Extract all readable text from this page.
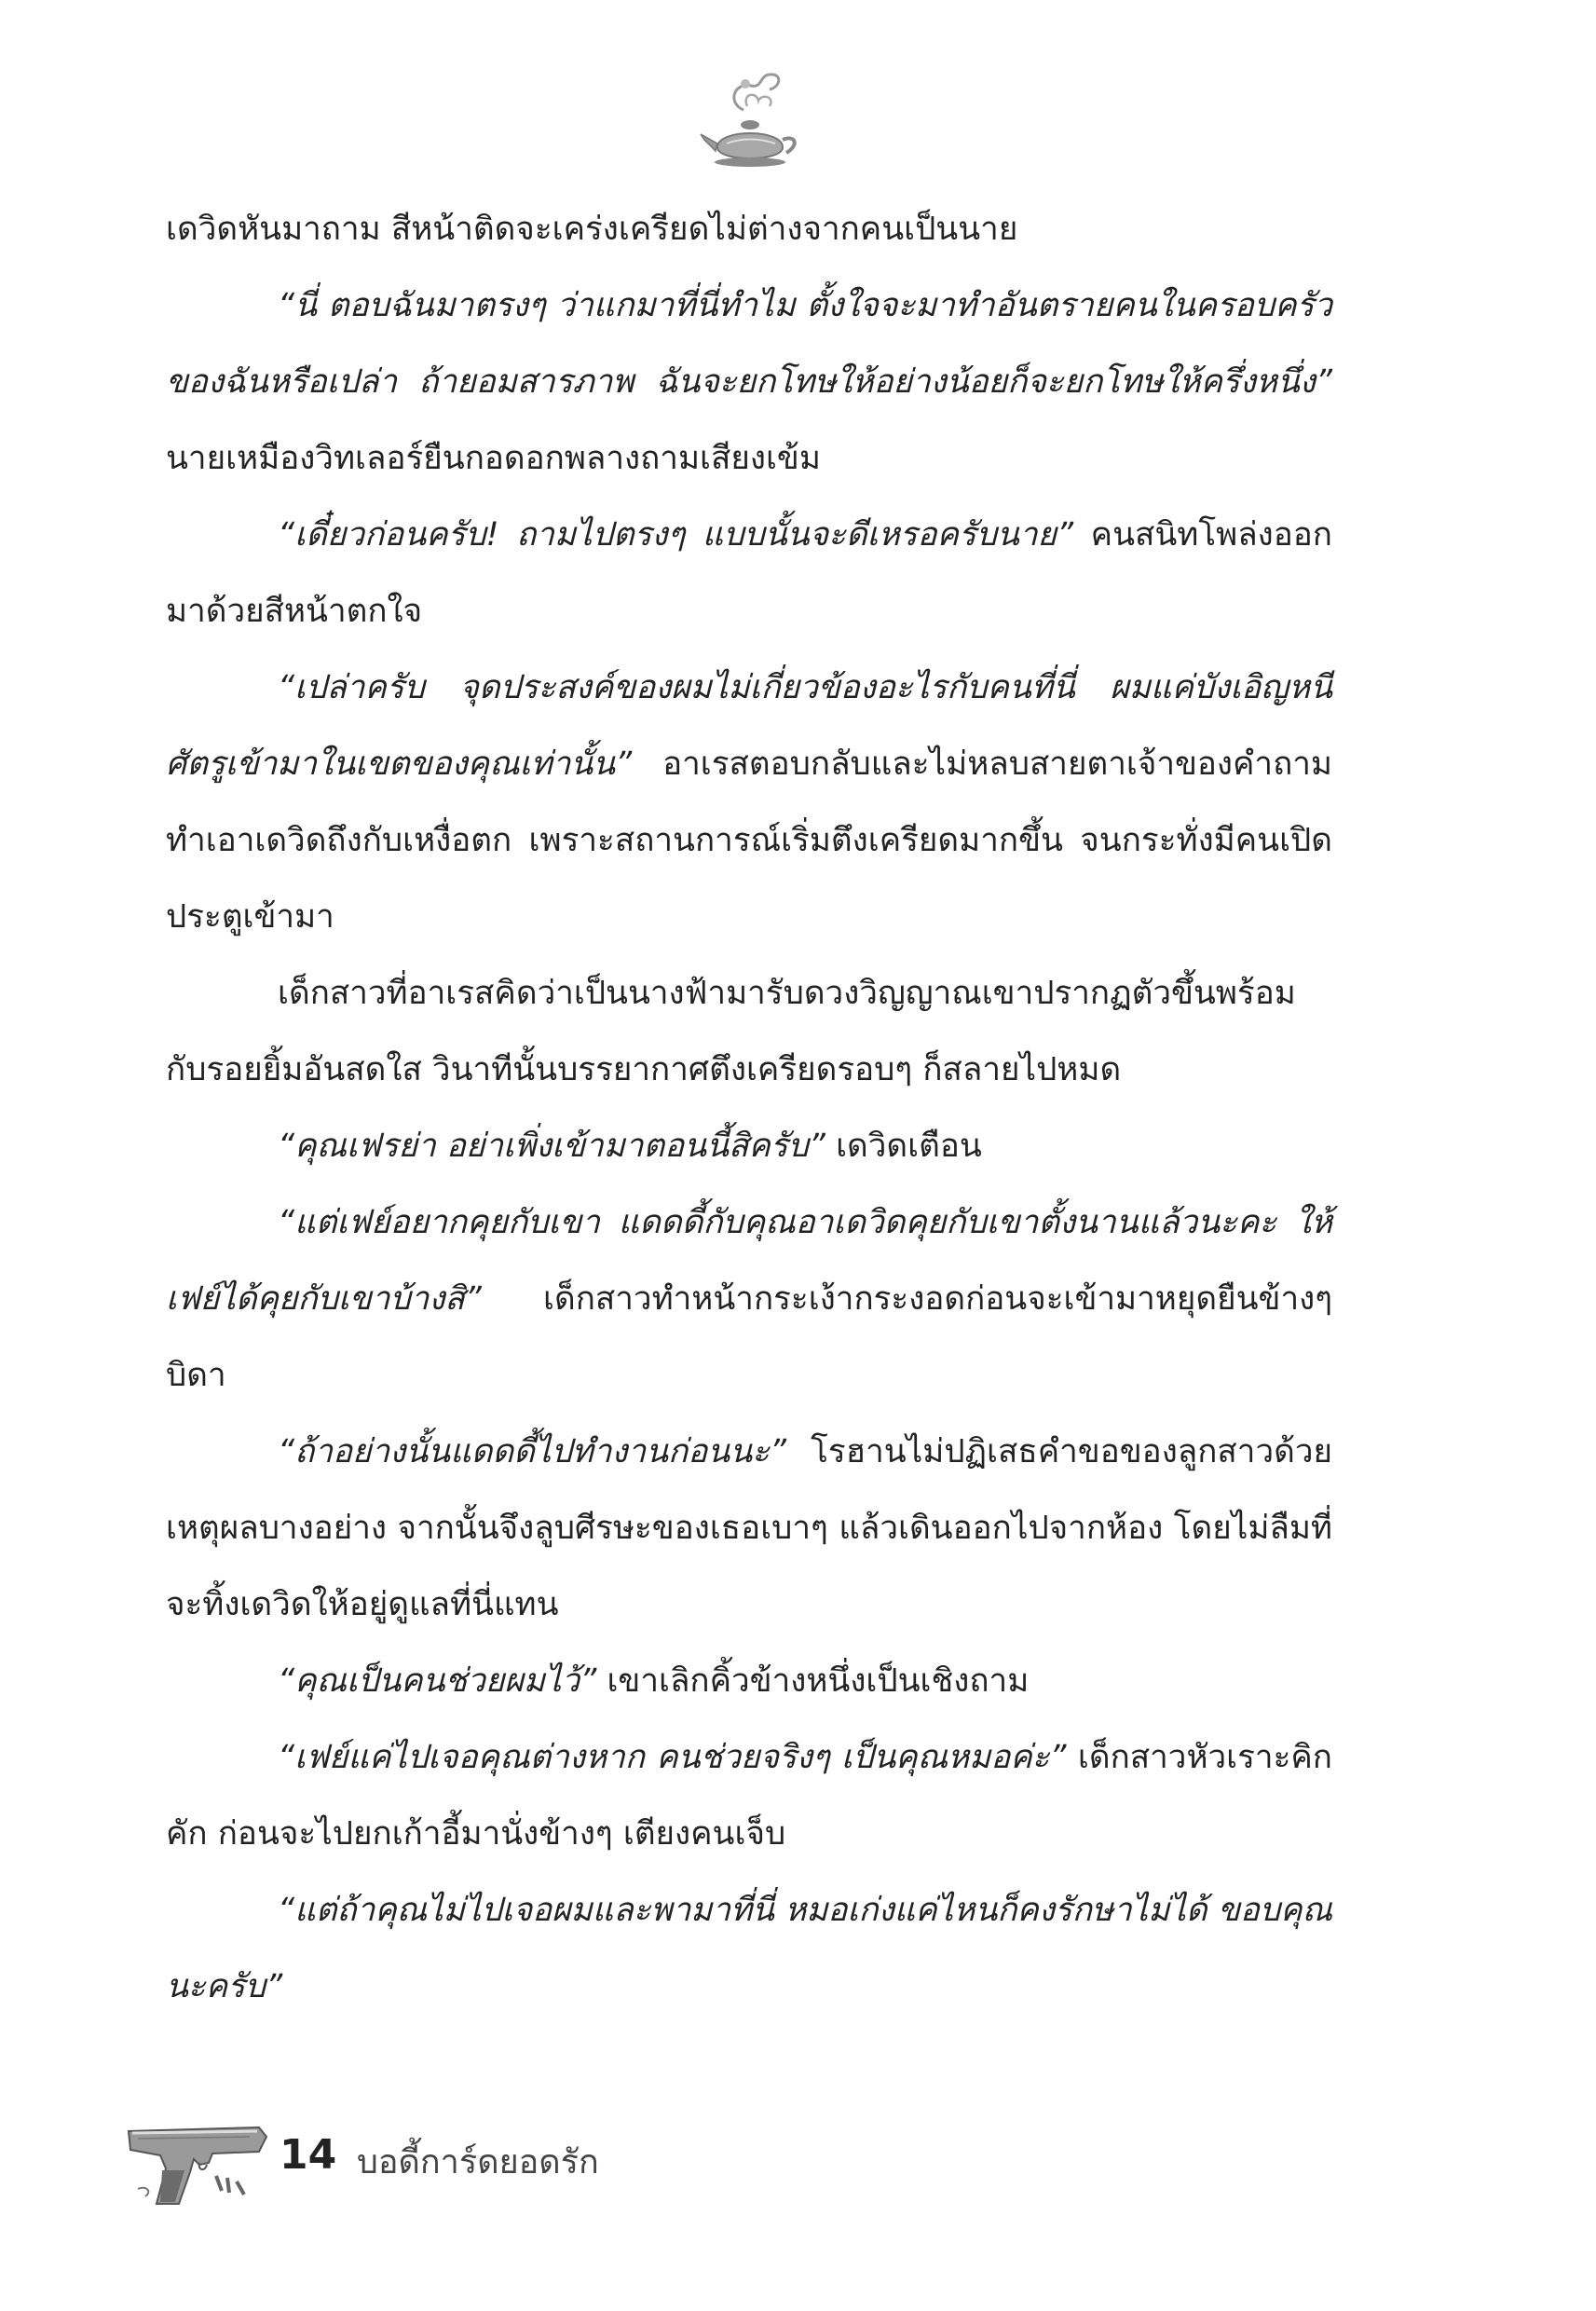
เดวิดหันมาถาม สีหน้าติดจะเคร่งเครียดไม่ต่างจากคนเป็นนาย

“นี่ ตอบฉันมาตรงๆ ว่าแกมาที่นี่ทำไม ตั้งใจจะมาทำอันตรายคนในครอบครัวของฉันหรือเปล่า ถ้ายอมสารภาพ ฉันจะยกโทษให้อย่างน้อยก็จะยกโทษให้ครึ่งหนึ่ง” นายเหมืองวิทเลอร์ยืนกอดอกพลางถามเสียงเข้ม

“เดี๋ยวก่อนครับ! ถามไปตรงๆ แบบนั้นจะดีเหรอครับนาย” คนสนิทโพล่งออกมาด้วยสีหน้าตกใจ

“เปล่าครับ จุดประสงค์ของผมไม่เกี่ยวข้องอะไรกับคนที่นี่ ผมแค่บังเอิญหนีศัตรูเข้ามาในเขตของคุณเท่านั้น” อาเรสตอบกลับและไม่หลบสายตาเจ้าของคำถาม ทำเอาเดวิดถึงกับเหงื่อตก เพราะสถานการณ์เริ่มตึงเครียดมากขึ้น จนกระทั่งมีคนเปิดประตูเข้ามา

เด็กสาวที่อาเรสคิดว่าเป็นนางฟ้ามารับดวงวิญญาณเขาปรากฏตัวขึ้นพร้อมกับรอยยิ้มอันสดใส วินาทีนั้นบรรยากาศตึงเครียดรอบๆ ก็สลายไปหมด

“คุณเฟรย่า อย่าเพิ่งเข้ามาตอนนี้สิครับ” เดวิดเตือน

“แต่เฟย์อยากคุยกับเขา แดดดี้กับคุณอาเดวิดคุยกับเขาตั้งนานแล้วนะคะ ให้เฟย์ได้คุยกับเขาบ้างสิ” เด็กสาวทำหน้ากระเง้ากระงอดก่อนจะเข้ามาหยุดยืนข้างๆ บิดา

“ถ้าอย่างนั้นแดดดี้ไปทำงานก่อนนะ” โรฮานไม่ปฏิเสธคำขอของลูกสาวด้วยเหตุผลบางอย่าง จากนั้นจึงลูบศีรษะของเธอเบาๆ แล้วเดินออกไปจากห้อง โดยไม่ลืมที่จะทิ้งเดวิดให้อยู่ดูแลที่นี่แทน

“คุณเป็นคนช่วยผมไว้” เขาเลิกคิ้วข้างหนึ่งเป็นเชิงถาม

“เฟย์แค่ไปเจอคุณต่างหาก คนช่วยจริงๆ เป็นคุณหมอค่ะ” เด็กสาวหัวเราะคิกคัก ก่อนจะไปยกเก้าอี้มานั่งข้างๆ เตียงคนเจ็บ

“แต่ถ้าคุณไม่ไปเจอผมและพามาที่นี่ หมอเก่งแค่ไหนก็คงรักษาไม่ได้ ขอบคุณนะครับ”

14 บอดี้การ์ดยอดรัก
